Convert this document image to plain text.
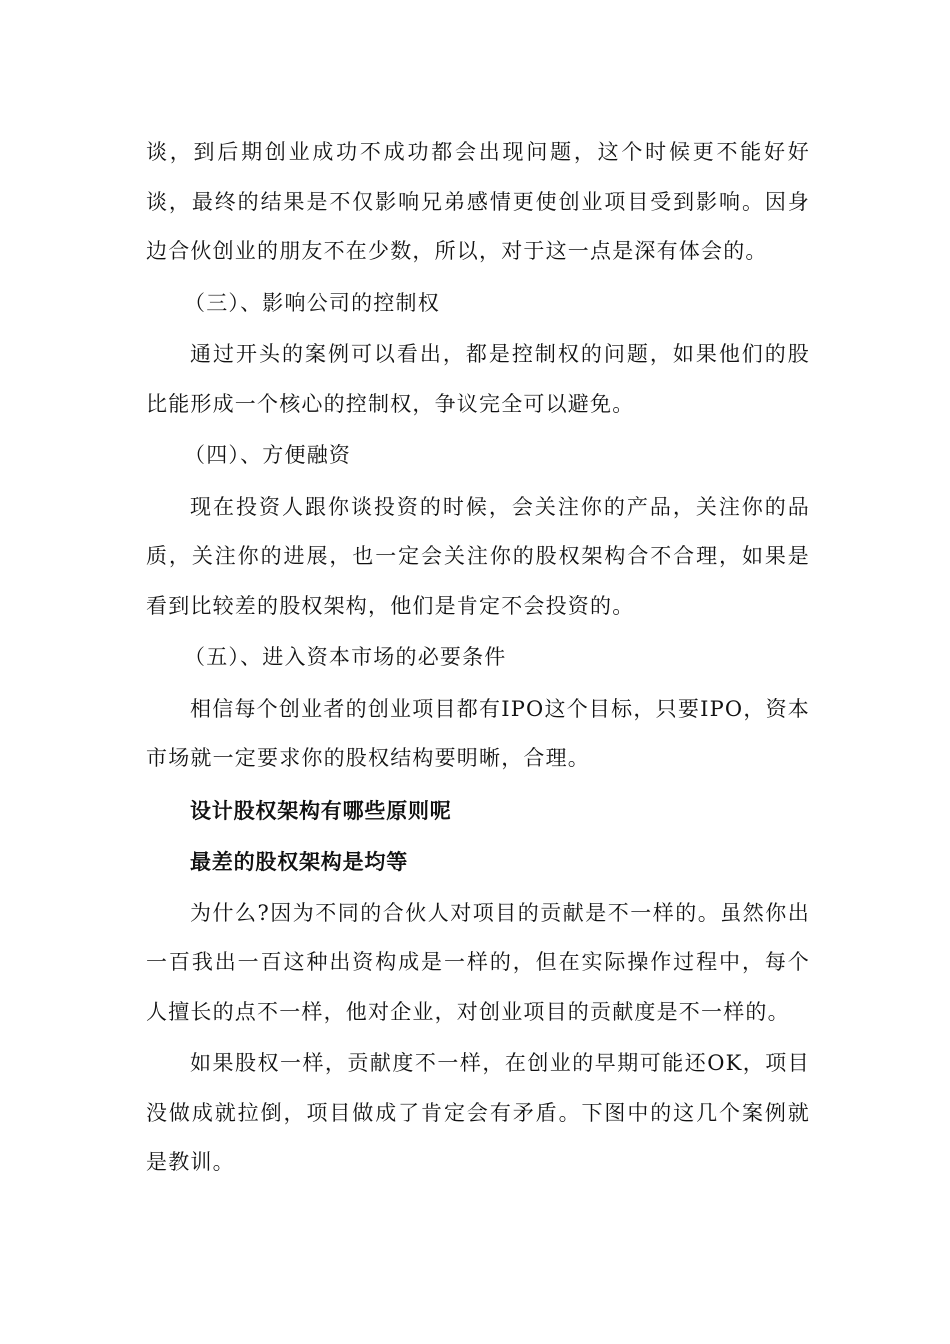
谈，到后期创业成功不成功都会出现问题，这个时候更不能好好谈，最终的结果是不仅影响兄弟感情更使创业项目受到影响。因身边合伙创业的朋友不在少数，所以，对于这一点是深有体会的。

（三）、影响公司的控制权

通过开头的案例可以看出，都是控制权的问题，如果他们的股比能形成一个核心的控制权，争议完全可以避免。

（四）、方便融资

现在投资人跟你谈投资的时候，会关注你的产品，关注你的品质，关注你的进展，也一定会关注你的股权架构合不合理，如果是看到比较差的股权架构，他们是肯定不会投资的。

（五）、进入资本市场的必要条件

相信每个创业者的创业项目都有IPO这个目标，只要IPO，资本市场就一定要求你的股权结构要明晰，合理。

设计股权架构有哪些原则呢

最差的股权架构是均等

为什么?因为不同的合伙人对项目的贡献是不一样的。虽然你出一百我出一百这种出资构成是一样的，但在实际操作过程中，每个人擅长的点不一样，他对企业，对创业项目的贡献度是不一样的。

如果股权一样，贡献度不一样，在创业的早期可能还OK，项目没做成就拉倒，项目做成了肯定会有矛盾。下图中的这几个案例就是教训。
